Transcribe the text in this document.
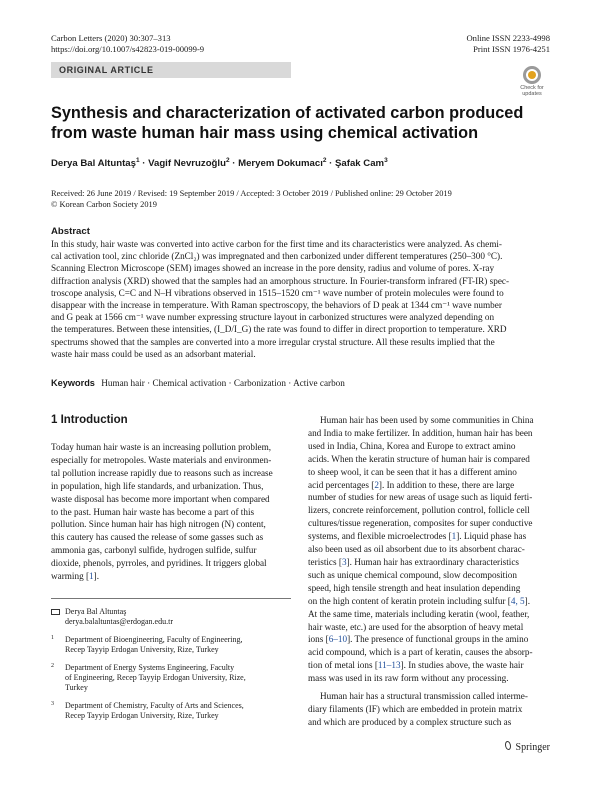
Carbon Letters (2020) 30:307–313
https://doi.org/10.1007/s42823-019-00099-9
Online ISSN 2233-4998
Print ISSN 1976-4251
ORIGINAL ARTICLE
Check for
updates
Synthesis and characterization of activated carbon produced
from waste human hair mass using chemical activation
Derya Bal Altuntaş$^1$ · Vagif Nevruzoğlu$^2$ · Meryem Dokumacı$^2$ · Şafak Cam$^3$
Received: 26 June 2019 / Revised: 19 September 2019 / Accepted: 3 October 2019 / Published online: 29 October 2019
© Korean Carbon Society 2019
Abstract
In this study, hair waste was converted into active carbon for the first time and its characteristics were analyzed. As chemi-
cal activation tool, zinc chloride (ZnCl₂) was impregnated and then carbonized under different temperatures (250–300 °C).
Scanning Electron Microscope (SEM) images showed an increase in the pore density, radius and volume of pores. X-ray
diffraction analysis (XRD) showed that the samples had an amorphous structure. In Fourier-transform infrared (FT-IR) spec-
troscope analysis, C=C and N–H vibrations observed in 1515–1520 cm⁻¹ wave number of protein molecules were found to
disappear with the increase in temperature. With Raman spectroscopy, the behaviors of D peak at 1344 cm⁻¹ wave number
and G peak at 1566 cm⁻¹ wave number expressing structure layout in carbonized structures were analyzed depending on
the temperatures. Between these intensities, (I_D/I_G) the rate was found to differ in direct proportion to temperature. XRD
spectrums showed that the samples are converted into a more irregular crystal structure. All these results implied that the
waste hair mass could be used as an adsorbant material.
Keywords Human hair · Chemical activation · Carbonization · Active carbon
1 Introduction
Today human hair waste is an increasing pollution problem,
especially for metropoles. Waste materials and environmen-
tal pollution increase rapidly due to reasons such as increase
in population, high life standards, and urbanization. Thus,
waste disposal has become more important when compared
to the past. Human hair waste has become a part of this
pollution. Since human hair has high nitrogen (N) content,
this cautery has caused the release of some gasses such as
ammonia gas, carbonyl sulfide, hydrogen sulfide, sulfur
dioxide, phenols, pyrroles, and pyridines. It triggers global
warming [1].
Human hair has been used by some communities in China
and India to make fertilizer. In addition, human hair has been
used in India, China, Korea and Europe to extract amino
acids. When the keratin structure of human hair is compared
to sheep wool, it can be seen that it has a different amino
acid percentages [2]. In addition to these, there are large
number of studies for new areas of usage such as liquid ferti-
lizers, concrete reinforcement, pollution control, follicle cell
cultures/tissue regeneration, composites for super conductive
systems, and flexible microelectrodes [1]. Liquid phase has
also been used as oil absorbent due to its absorbent charac-
teristics [3]. Human hair has extraordinary characteristics
such as unique chemical compound, slow decomposition
speed, high tensile strength and heat insulation depending
on the high content of keratin protein including sulfur [4, 5].
At the same time, materials including keratin (wool, feather,
hair waste, etc.) are used for the absorption of heavy metal
ions [6–10]. The presence of functional groups in the amino
acid compound, which is a part of keratin, causes the absorp-
tion of metal ions [11–13]. In studies above, the waste hair
mass was used in its raw form without any processing.
Human hair has a structural transmission called interme-
diary filaments (IF) which are embedded in protein matrix
and which are produced by a complex structure such as
Derya Bal Altuntaş
derya.balaltuntas@erdogan.edu.tr
1 Department of Bioengineering, Faculty of Engineering,
Recep Tayyip Erdogan University, Rize, Turkey
2 Department of Energy Systems Engineering, Faculty
of Engineering, Recep Tayyip Erdogan University, Rize,
Turkey
3 Department of Chemistry, Faculty of Arts and Sciences,
Recep Tayyip Erdogan University, Rize, Turkey
Springer
